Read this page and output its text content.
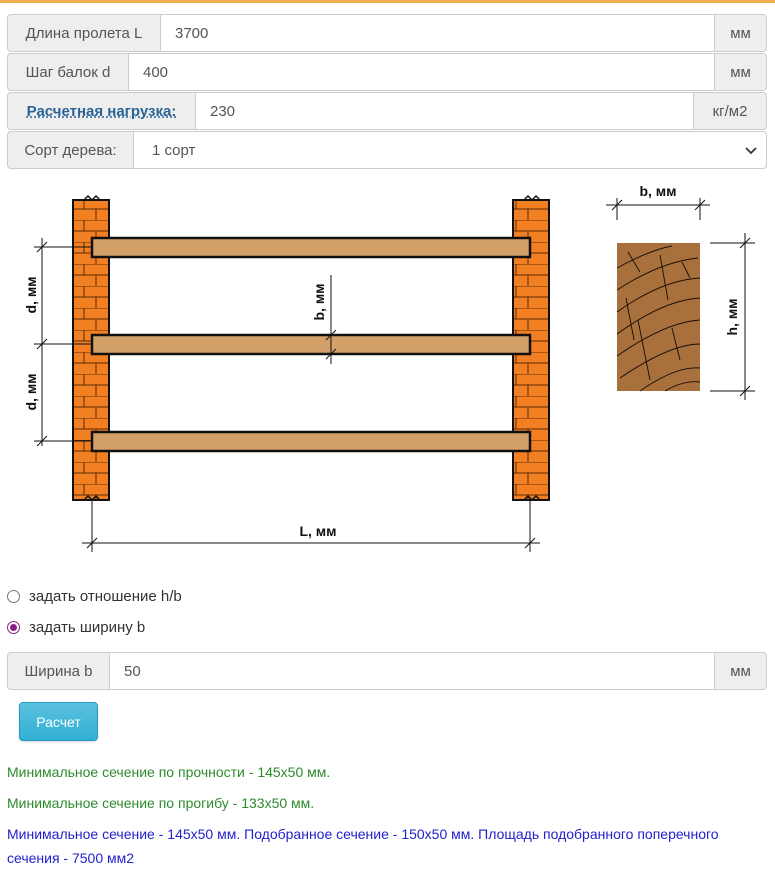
Длина пролета L	3700	мм
Шаг балок d	400	мм
Расчетная нагрузка:	230	кг/м2
Сорт дерева:	1 сорт
d, мм
d, мм
b, мм
L, мм
b, мм
h, мм
задать отношение h/b
задать ширину b
Ширина b	50	мм
Расчет
Минимальное сечение по прочности - 145x50 мм.
Минимальное сечение по прогибу - 133x50 мм.
Минимальное сечение - 145x50 мм. Подобранное сечение - 150x50 мм. Площадь подобранного поперечного сечения - 7500 мм2
